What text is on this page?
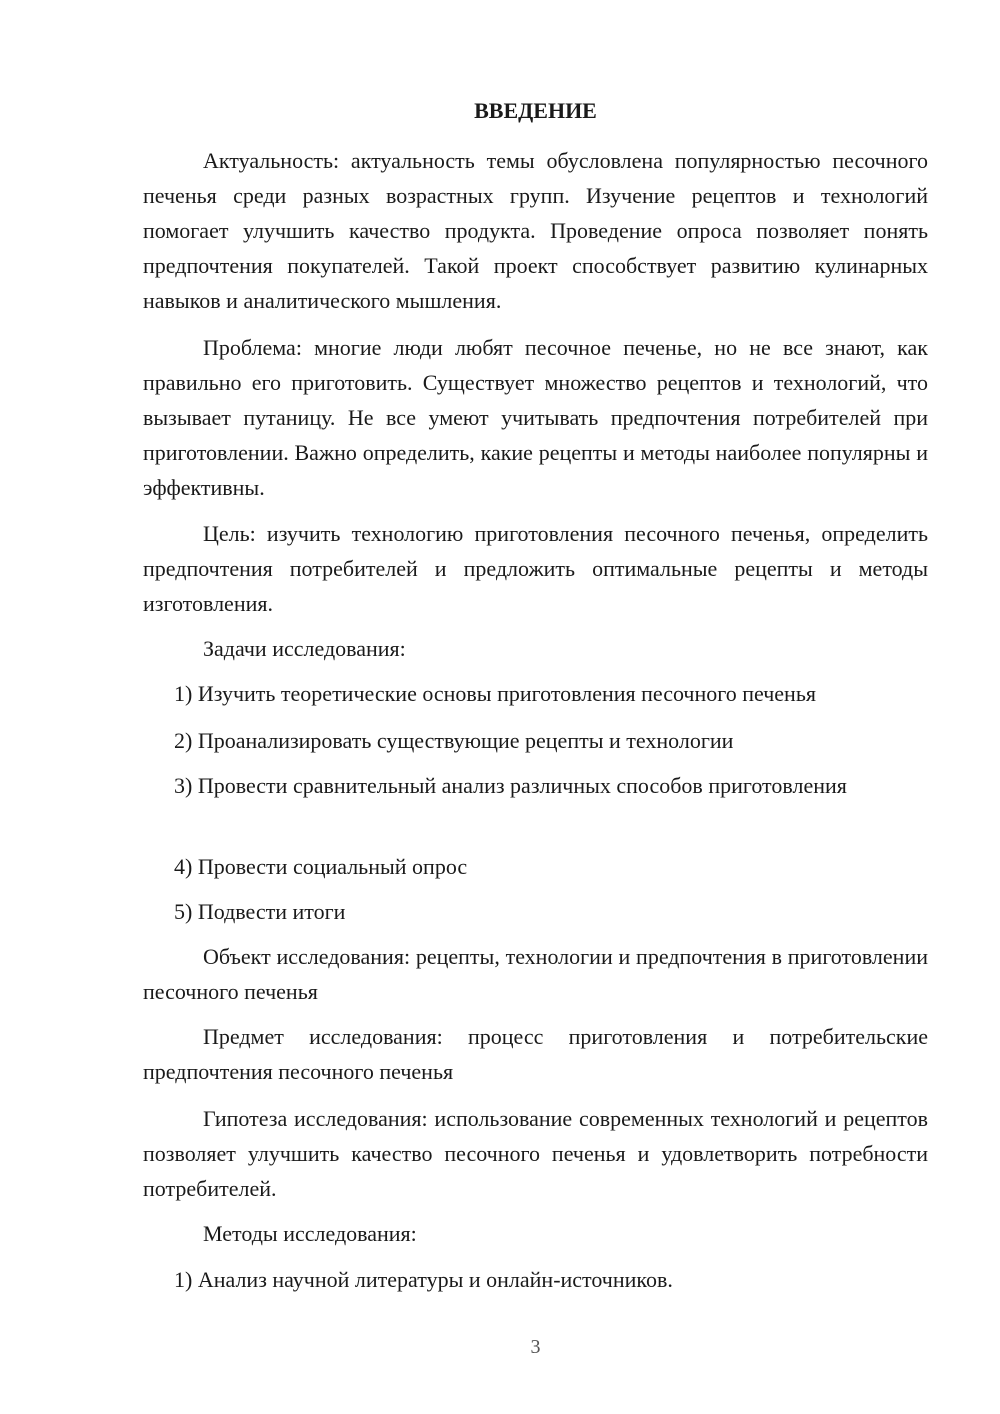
ВВЕДЕНИЕ

Актуальность: актуальность темы обусловлена популярностью песочного печенья среди разных возрастных групп. Изучение рецептов и технологий помогает улучшить качество продукта. Проведение опроса позволяет понять предпочтения покупателей. Такой проект способствует развитию кулинарных навыков и аналитического мышления.

Проблема: многие люди любят песочное печенье, но не все знают, как правильно его приготовить. Существует множество рецептов и технологий, что вызывает путаницу. Не все умеют учитывать предпочтения потребителей при приготовлении. Важно определить, какие рецепты и методы наиболее популярны и эффективны.

Цель: изучить технологию приготовления песочного печенья, определить предпочтения потребителей и предложить оптимальные рецепты и методы изготовления.

Задачи исследования:

1) Изучить теоретические основы приготовления песочного печенья

2) Проанализировать существующие рецепты и технологии

3) Провести сравнительный анализ различных способов приготовления

4) Провести социальный опрос

5) Подвести итоги

Объект исследования: рецепты, технологии и предпочтения в приготовлении песочного печенья

Предмет исследования: процесс приготовления и потребительские предпочтения песочного печенья

Гипотеза исследования: использование современных технологий и рецептов позволяет улучшить качество песочного печенья и удовлетворить потребности потребителей.

Методы исследования:

1) Анализ научной литературы и онлайн-источников.

3
